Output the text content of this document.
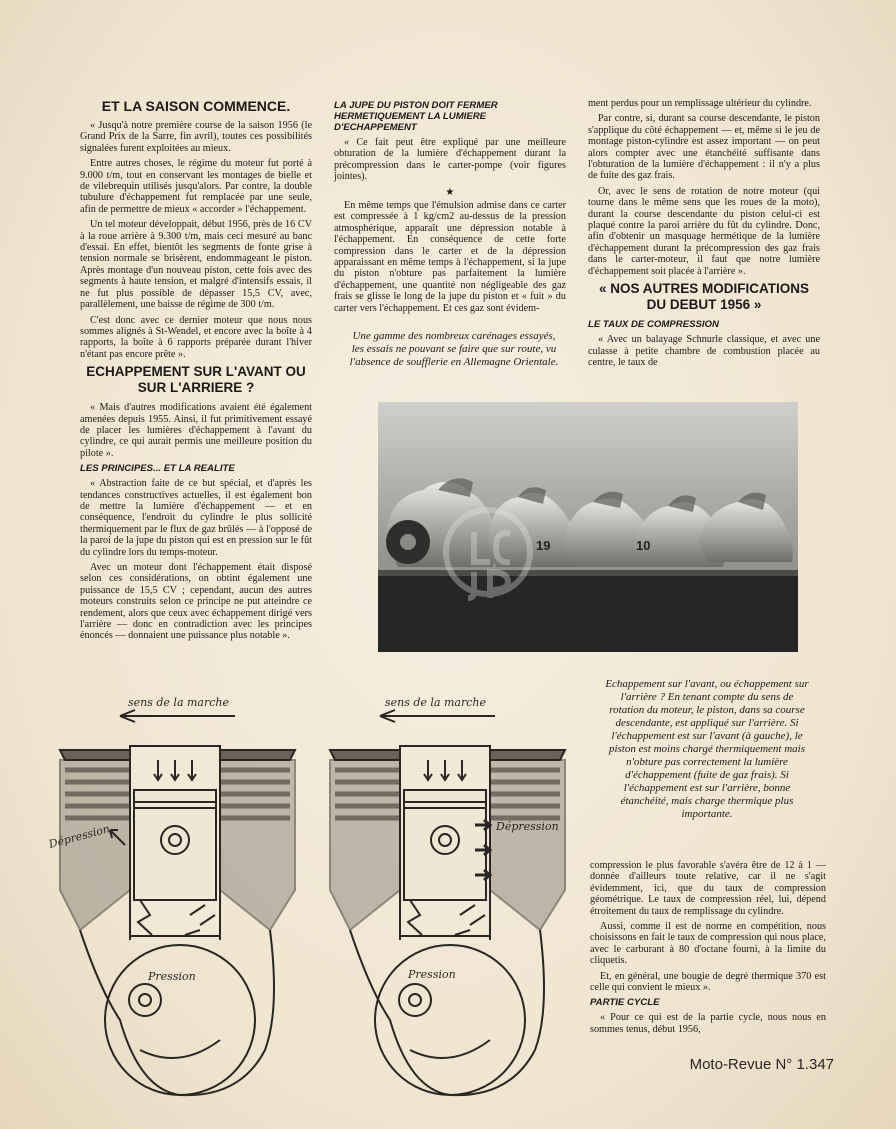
ET LA SAISON COMMENCE.

« Jusqu'à notre première course de la saison 1956 (le Grand Prix de la Sarre, fin avril), toutes ces possibilités signalées furent exploitées au mieux.

Entre autres choses, le régime du moteur fut porté à 9.000 t/m, tout en conservant les montages de bielle et de vilebrequin utilisés jusqu'alors. Par contre, la double tubulure d'échappement fut remplacée par une seule, afin de permettre de mieux « accorder » l'échappement.

Un tel moteur développait, début 1956, près de 16 CV à la roue arrière à 9.300 t/m, mais ceci mesuré au banc d'essai. En effet, bientôt les segments de fonte grise à tension normale se brisèrent, endommageant le piston. Après montage d'un nouveau piston, cette fois avec des segments à haute tension, et malgré d'intensifs essais, il ne fut plus possible de dépasser 15,5 CV, avec, parallèlement, une baisse de régime de 300 t/m.

C'est donc avec ce dernier moteur que nous nous sommes alignés à St-Wendel, et encore avec la boîte à 4 rapports, la boîte à 6 rapports préparée durant l'hiver n'étant pas encore prête ».

ECHAPPEMENT SUR L'AVANT OU SUR L'ARRIERE ?

« Mais d'autres modifications avaient été également amenées depuis 1955. Ainsi, il fut primitivement essayé de placer les lumières d'échappement à l'avant du cylindre, ce qui aurait permis une meilleure position du pilote ».

LES PRINCIPES... ET LA REALITE

« Abstraction faite de ce but spécial, et d'après les tendances constructives actuelles, il est également bon de mettre la lumière d'échappement — et en conséquence, l'endroit du cylindre le plus sollicité thermiquement par le flux de gaz brûlés — à l'opposé de la paroi de la jupe du piston qui est en pression sur le fût du cylindre lors du temps-moteur.

Avec un moteur dont l'échappement était disposé selon ces considérations, on obtint également une puissance de 15,5 CV ; cependant, aucun des autres moteurs construits selon ce principe ne put atteindre ce rendement, alors que ceux avec échappement dirigé vers l'arrière — donc en contradiction avec les principes énoncés — donnaient une puissance plus notable ».

LA JUPE DU PISTON DOIT FERMER HERMETIQUEMENT LA LUMIERE D'ECHAPPEMENT

« Ce fait peut être expliqué par une meilleure obturation de la lumière d'échappement durant la précompression dans le carter-pompe (voir figures jointes).

★

En même temps que l'émulsion admise dans ce carter est compressée à 1 kg/cm2 au-dessus de la pression atmosphérique, apparaît une dépression notable à l'échappement. En conséquence de cette forte compression dans le carter et de la dépression apparaissant en même temps à l'échappement, si la jupe du piston n'obture pas parfaitement la lumière d'échappement, une quantité non négligeable des gaz frais se glisse le long de la jupe du piston et « fuit » du carter vers l'échappement. Et ces gaz sont évidem-

Une gamme des nombreux carénages essayés, les essais ne pouvant se faire que sur route, vu l'absence de soufflerie en Allemagne Orientale.

ment perdus pour un remplissage ultérieur du cylindre.

Par contre, si, durant sa course descendante, le piston s'applique du côté échappement — et, même si le jeu de montage piston-cylindre est assez important — on peut alors compter avec une étanchéité suffisante dans l'obturation de la lumière d'échappement : il n'y a plus de fuite des gaz frais.

Or, avec le sens de rotation de notre moteur (qui tourne dans le même sens que les roues de la moto), durant la course descendante du piston celui-ci est plaqué contre la paroi arrière du fût du cylindre. Donc, afin d'obtenir un masquage hermétique de la lumière d'échappement durant la précompression des gaz frais dans le carter-moteur, il faut que notre lumière d'échappement soit placée à l'arrière ».

« NOS AUTRES MODIFICATIONS DU DEBUT 1956 »
LE TAUX DE COMPRESSION

« Avec un balayage Schnurle classique, et avec une culasse à petite chambre de combustion placée au centre, le taux de

19	10
Echappement sur l'avant, ou échappement sur l'arrière ? En tenant compte du sens de rotation du moteur, le piston, dans sa course descendante, est appliqué sur l'arrière. Si l'échappement est sur l'avant (à gauche), le piston est moins chargé thermiquement mais n'obture pas correctement la lumière d'échappement (fuite de gaz frais). Si l'échappement est sur l'arrière, bonne étanchéité, mais charge thermique plus importante.

compression le plus favorable s'avéra être de 12 à 1 — donnée d'ailleurs toute relative, car il ne s'agit évidemment, ici, que du taux de compression géométrique. Le taux de compression réel, lui, dépend étroitement du taux de remplissage du cylindre.

Aussi, comme il est de norme en compétition, nous choisissons en fait le taux de compression qui nous place, avec le carburant à 80 d'octane fourni, à la limite du cliquetis.

Et, en général, une bougie de degré thermique 370 est celle qui convient le mieux ».

PARTIE CYCLE

« Pour ce qui est de la partie cycle, nous nous en sommes tenus, début 1956,

sens de la marche
Dépression
Pression
sens de la marche
Dépression
Pression
Moto-Revue N° 1.347
